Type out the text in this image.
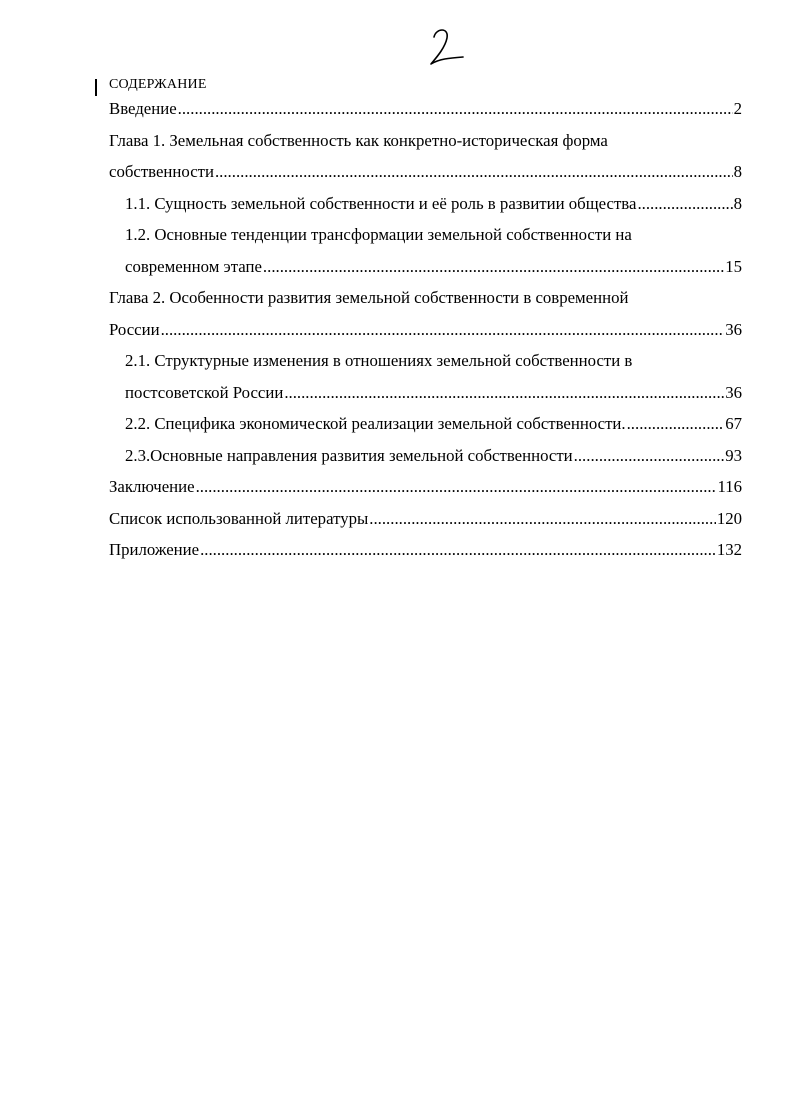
СОДЕРЖАНИЕ
Введение .....	2
Глава 1. Земельная собственность как конкретно-историческая форма
собственности .....	8
1.1. Сущность земельной собственности и её роль в развитии общества .....	8
1.2. Основные тенденции трансформации земельной собственности на
современном этапе .....	15
Глава 2. Особенности развития земельной собственности в современной
России .....	36
2.1. Структурные изменения в отношениях земельной собственности в
постсоветской России .....	36
2.2. Специфика экономической реализации земельной собственности. .....	67
2.3.Основные направления развития земельной собственности .....	93
Заключение .....	116
Список использованной литературы .....	120
Приложение .....	132
